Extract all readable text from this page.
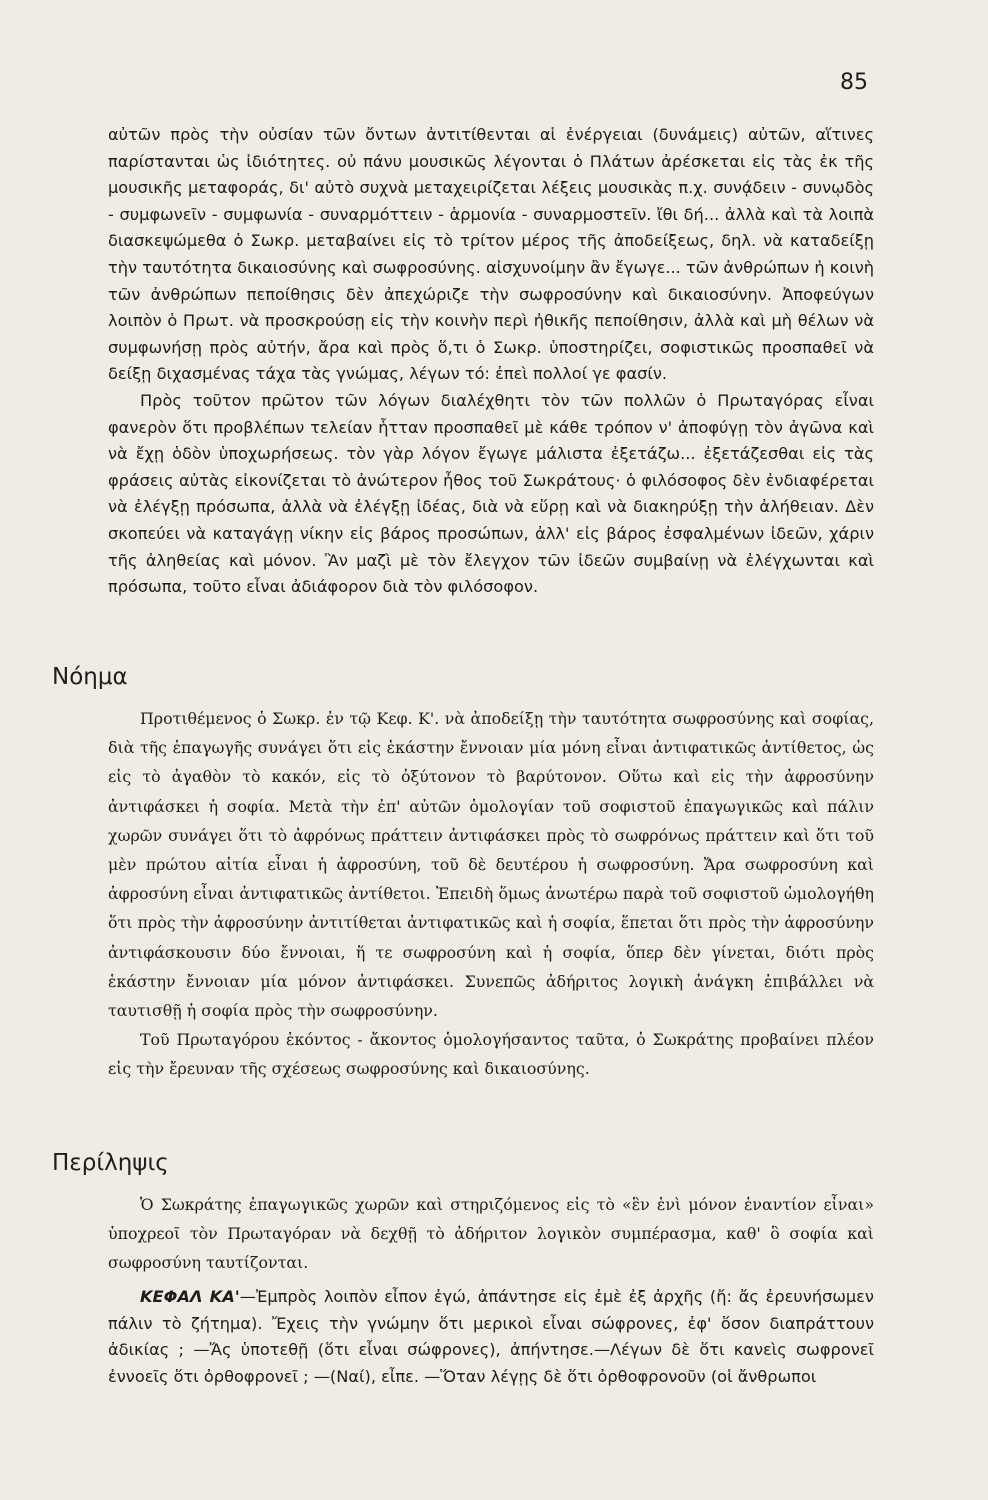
85

αὐτῶν πρὸς τὴν οὐσίαν τῶν ὄντων ἀντιτίθενται αἱ ἐνέργειαι (δυνάμεις) αὐτῶν, αἵτινες παρίστανται ὡς ἰδιότητες. οὐ πάνυ μουσικῶς λέγονται ὁ Πλάτων ἀρέσκεται εἰς τὰς ἐκ τῆς μουσικῆς μεταφοράς, δι' αὐτὸ συχνὰ μεταχειρίζεται λέξεις μουσικὰς π.χ. συνᾴδειν - συνῳδὸς - συμφωνεῖν - συμφωνία - συναρμόττειν - ἁρμονία - συναρμοστεῖν. ἴθι δή... ἀλλὰ καὶ τὰ λοιπὰ διασκεψώμεθα ὁ Σωκρ. μεταβαίνει εἰς τὸ τρίτον μέρος τῆς ἀποδείξεως, δηλ. νὰ καταδείξῃ τὴν ταυτότητα δικαιοσύνης καὶ σωφροσύνης. αἰσχυνοίμην ἂν ἔγωγε... τῶν ἀνθρώπων ἡ κοινὴ τῶν ἀνθρώπων πεποίθησις δὲν ἀπεχώριζε τὴν σωφροσύνην καὶ δικαιοσύνην. Ἀποφεύγων λοιπὸν ὁ Πρωτ. νὰ προσκρούσῃ εἰς τὴν κοινὴν περὶ ἠθικῆς πεποίθησιν, ἀλλὰ καὶ μὴ θέλων νὰ συμφωνήσῃ πρὸς αὐτήν, ἄρα καὶ πρὸς ὅ,τι ὁ Σωκρ. ὑποστηρίζει, σοφιστικῶς προσπαθεῖ νὰ δείξῃ διχασμένας τάχα τὰς γνώμας, λέγων τό: ἐπεὶ πολλοί γε φασίν.

Πρὸς τοῦτον πρῶτον τῶν λόγων διαλέχθητι τὸν τῶν πολλῶν ὁ Πρωταγόρας εἶναι φανερὸν ὅτι προβλέπων τελείαν ἧτταν προσπαθεῖ μὲ κάθε τρόπον ν' ἀποφύγῃ τὸν ἀγῶνα καὶ νὰ ἔχῃ ὁδὸν ὑποχωρήσεως. τὸν γὰρ λόγον ἔγωγε μάλιστα ἐξετάζω... ἐξετάζεσθαι εἰς τὰς φράσεις αὐτὰς εἰκονίζεται τὸ ἀνώτερον ἦθος τοῦ Σωκράτους· ὁ φιλόσοφος δὲν ἐνδιαφέρεται νὰ ἐλέγξῃ πρόσωπα, ἀλλὰ νὰ ἐλέγξῃ ἰδέας, διὰ νὰ εὕρῃ καὶ νὰ διακηρύξῃ τὴν ἀλήθειαν. Δὲν σκοπεύει νὰ καταγάγῃ νίκην εἰς βάρος προσώπων, ἀλλ' εἰς βάρος ἐσφαλμένων ἰδεῶν, χάριν τῆς ἀληθείας καὶ μόνον. Ἂν μαζὶ μὲ τὸν ἔλεγχον τῶν ἰδεῶν συμβαίνῃ νὰ ἐλέγχωνται καὶ πρόσωπα, τοῦτο εἶναι ἀδιάφορον διὰ τὸν φιλόσοφον.

Νόημα

Προτιθέμενος ὁ Σωκρ. ἐν τῷ Κεφ. Κ'. νὰ ἀποδείξῃ τὴν ταυτότητα σωφροσύνης καὶ σοφίας, διὰ τῆς ἐπαγωγῆς συνάγει ὅτι εἰς ἑκάστην ἔννοιαν μία μόνη εἶναι ἀντιφατικῶς ἀντίθετος, ὡς εἰς τὸ ἀγαθὸν τὸ κακόν, εἰς τὸ ὀξύτονον τὸ βαρύτονον. Οὕτω καὶ εἰς τὴν ἀφροσύνην ἀντιφάσκει ἡ σοφία. Μετὰ τὴν ἐπ' αὐτῶν ὁμολογίαν τοῦ σοφιστοῦ ἐπαγωγικῶς καὶ πάλιν χωρῶν συνάγει ὅτι τὸ ἀφρόνως πράττειν ἀντιφάσκει πρὸς τὸ σωφρόνως πράττειν καὶ ὅτι τοῦ μὲν πρώτου αἰτία εἶναι ἡ ἀφροσύνη, τοῦ δὲ δευτέρου ἡ σωφροσύνη. Ἄρα σωφροσύνη καὶ ἀφροσύνη εἶναι ἀντιφατικῶς ἀντίθετοι. Ἐπειδὴ ὅμως ἀνωτέρω παρὰ τοῦ σοφιστοῦ ὡμολογήθη ὅτι πρὸς τὴν ἀφροσύνην ἀντιτίθεται ἀντιφατικῶς καὶ ἡ σοφία, ἕπεται ὅτι πρὸς τὴν ἀφροσύνην ἀντιφάσκουσιν δύο ἔννοιαι, ἥ τε σωφροσύνη καὶ ἡ σοφία, ὅπερ δὲν γίνεται, διότι πρὸς ἑκάστην ἔννοιαν μία μόνον ἀντιφάσκει. Συνεπῶς ἀδήριτος λογικὴ ἀνάγκη ἐπιβάλλει νὰ ταυτισθῇ ἡ σοφία πρὸς τὴν σωφροσύνην.

Τοῦ Πρωταγόρου ἑκόντος - ἄκοντος ὁμολογήσαντος ταῦτα, ὁ Σωκράτης προβαίνει πλέον εἰς τὴν ἔρευναν τῆς σχέσεως σωφροσύνης καὶ δικαιοσύνης.

Περίληψις

Ὁ Σωκράτης ἐπαγωγικῶς χωρῶν καὶ στηριζόμενος εἰς τὸ «ἓν ἑνὶ μόνον ἐναντίον εἶναι» ὑποχρεοῖ τὸν Πρωταγόραν νὰ δεχθῇ τὸ ἀδήριτον λογικὸν συμπέρασμα, καθ' ὃ σοφία καὶ σωφροσύνη ταυτίζονται.

ΚΕΦΑΛ ΚΑ'—Ἐμπρὸς λοιπὸν εἶπον ἐγώ, ἀπάντησε εἰς ἐμὲ ἐξ ἀρχῆς (ἤ: ἄς ἐρευνήσωμεν πάλιν τὸ ζήτημα). Ἔχεις τὴν γνώμην ὅτι μερικοὶ εἶναι σώφρονες, ἐφ' ὅσον διαπράττουν ἀδικίας ; —Ἄς ὑποτεθῇ (ὅτι εἶναι σώφρονες), ἀπήντησε.—Λέγων δὲ ὅτι κανεὶς σωφρονεῖ ἐννοεῖς ὅτι ὀρθοφρονεῖ ; —(Ναί), εἶπε. —Ὅταν λέγῃς δὲ ὅτι ὀρθοφρονοῦν (οἱ ἄνθρωποι
